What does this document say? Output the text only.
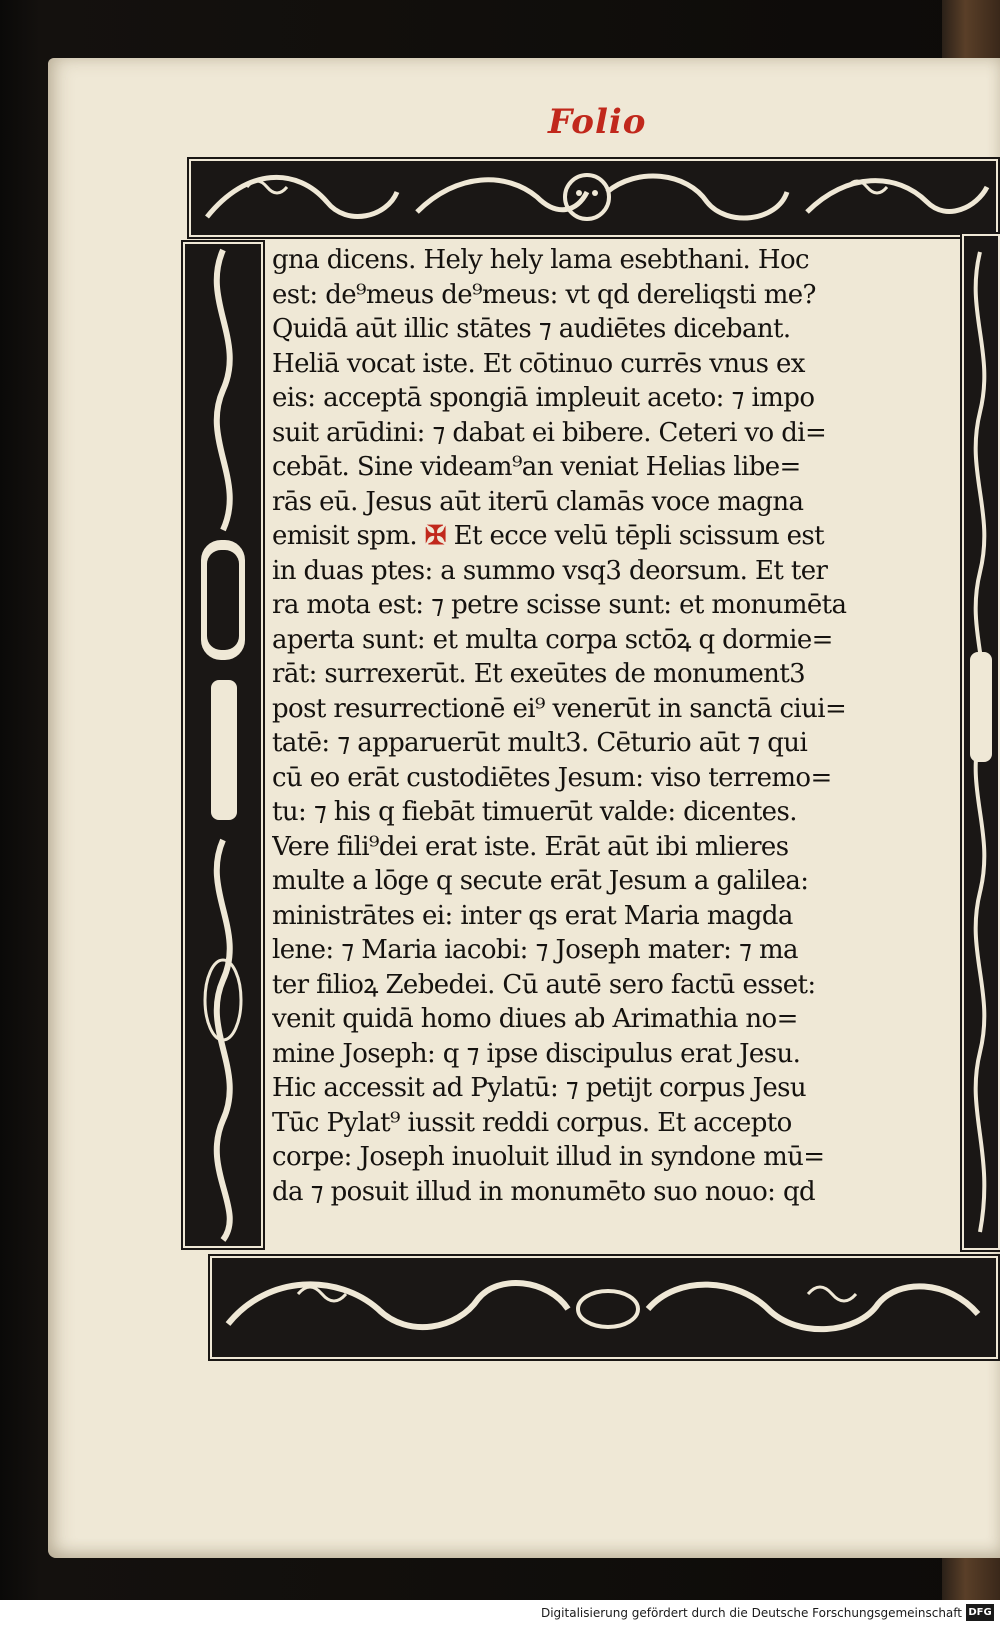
Folio
gna dicens. Hely hely lama esebthani. Hoc
est: de⁹meus de⁹meus: vt qd dereliqsti me?
Quidā aūt illic stātes ⁊ audiētes dicebant.
Heliā vocat iste. Et cōtinuo currēs vnus ex
eis: acceptā spongiā impleuit aceto: ⁊ impo
suit arūdini: ⁊ dabat ei bibere. Ceteri vo di=
cebāt. Sine videam⁹an veniat Helias libe=
rās eū. Jesus aūt iterū clamās voce magna
emisit spm. ✠ Et ecce velū tēpli scissum est
in duas ptes: a summo vsq3 deorsum. Et ter
ra mota est: ⁊ petre scisse sunt: et monumēta
aperta sunt: et multa corpa sctōꝝ q dormie=
rāt: surrexerūt. Et exeūtes de monument3
post resurrectionē ei⁹ venerūt in sanctā ciui=
tatē: ⁊ apparuerūt mult3. Cēturio aūt ⁊ qui
cū eo erāt custodiētes Jesum: viso terremo=
tu: ⁊ his q fiebāt timuerūt valde: dicentes.
Vere fili⁹dei erat iste. Erāt aūt ibi mlieres
multe a lōge q secute erāt Jesum a galilea:
ministrātes ei: inter qs erat Maria magda
lene: ⁊ Maria iacobi: ⁊ Joseph mater: ⁊ ma
ter filioꝝ Zebedei. Cū autē sero factū esset:
venit quidā homo diues ab Arimathia no=
mine Joseph: q ⁊ ipse discipulus erat Jesu.
Hic accessit ad Pylatū: ⁊ petijt corpus Jesu
Tūc Pylat⁹ iussit reddi corpus. Et accepto
corpe: Joseph inuoluit illud in syndone mū=
da ⁊ posuit illud in monumēto suo nouo: qd
Digitalisierung gefördert durch die Deutsche Forschungsgemeinschaft DFG
